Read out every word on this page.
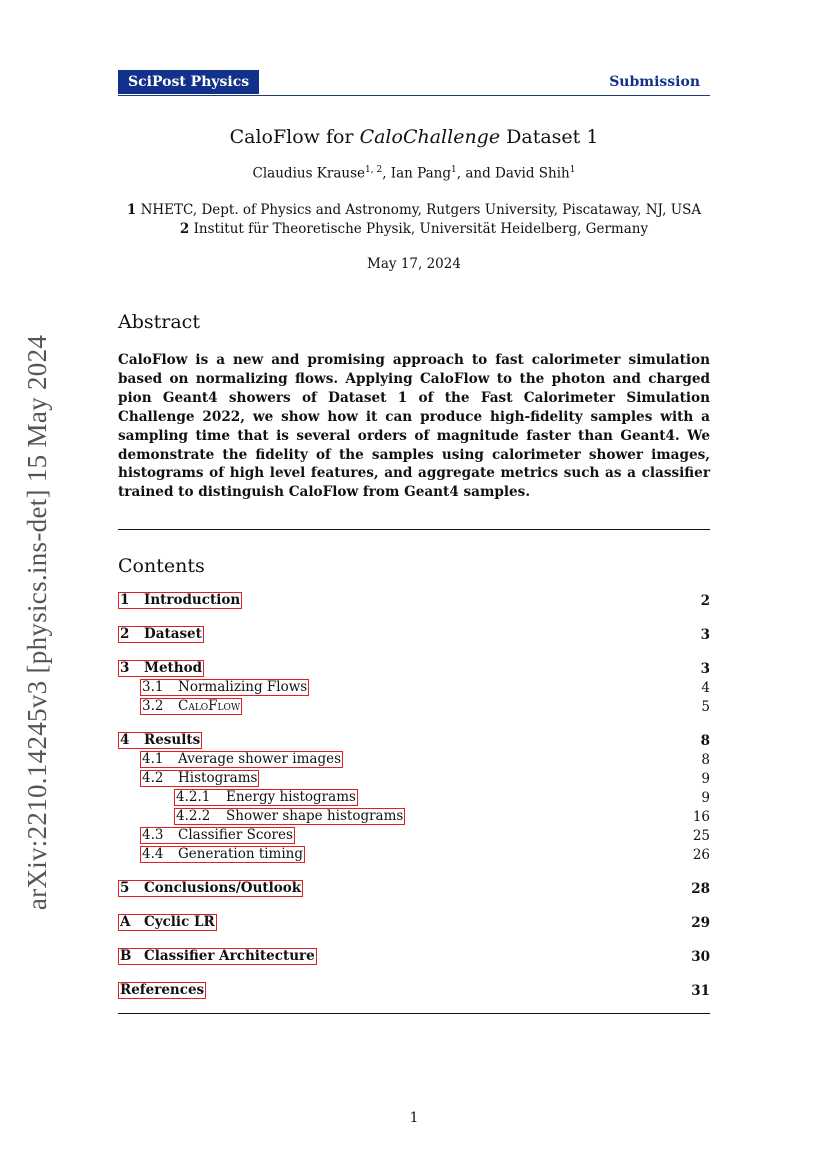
arXiv:2210.14245v3 [physics.ins-det] 15 May 2024
SciPost Physics	Submission
CaloFlow for CaloChallenge Dataset 1
Claudius Krause$^{1, 2}$, Ian Pang$^1$, and David Shih$^1$
1 NHETC, Dept. of Physics and Astronomy, Rutgers University, Piscataway, NJ, USA
2 Institut für Theoretische Physik, Universität Heidelberg, Germany
May 17, 2024
Abstract
CaloFlow is a new and promising approach to fast calorimeter simulation based on normalizing flows. Applying CaloFlow to the photon and charged pion Geant4 showers of Dataset 1 of the Fast Calorimeter Simulation Challenge 2022, we show how it can produce high-fidelity samples with a sampling time that is several orders of magnitude faster than Geant4. We demonstrate the fidelity of the samples using calorimeter shower images, histograms of high level features, and aggregate metrics such as a classifier trained to distinguish CaloFlow from Geant4 samples.
Contents
1 Introduction	2
2 Dataset	3
3 Method	3
3.1 Normalizing Flows	4
3.2 CaloFlow	5
4 Results	8
4.1 Average shower images	8
4.2 Histograms	9
4.2.1 Energy histograms	9
4.2.2 Shower shape histograms	16
4.3 Classifier Scores	25
4.4 Generation timing	26
5 Conclusions/Outlook	28
A Cyclic LR	29
B Classifier Architecture	30
References	31
1
